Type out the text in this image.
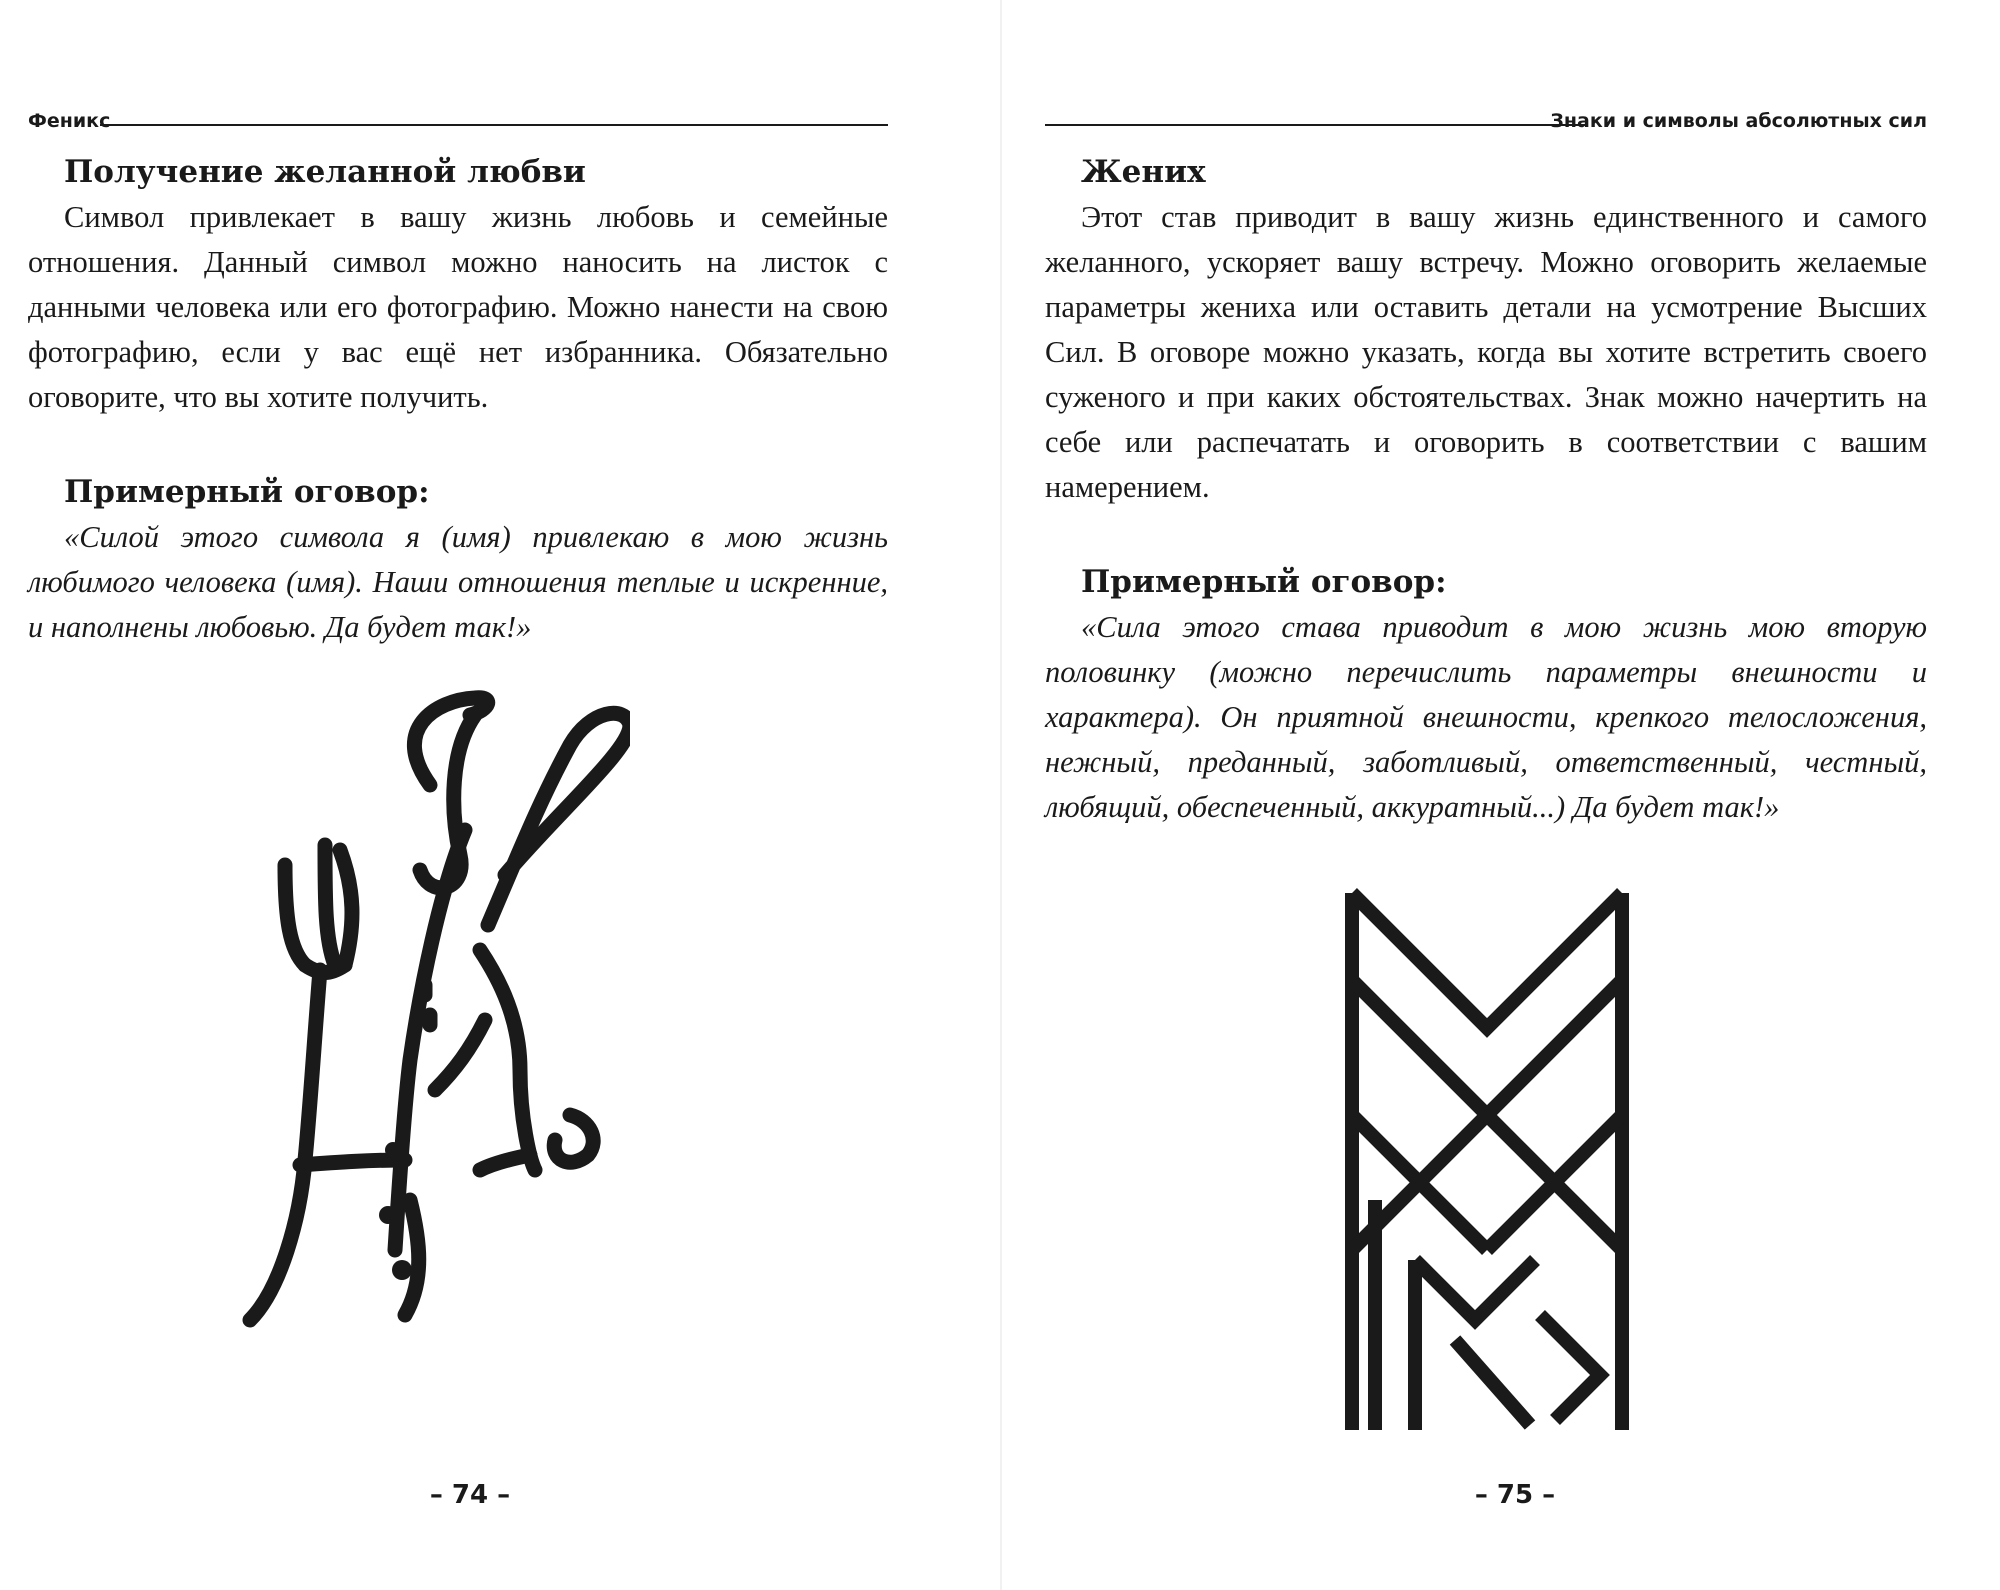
Феникс
Получение желанной любви

Символ привлекает в вашу жизнь любовь и семейные отношения. Данный символ можно наносить на листок с данными человека или его фотографию. Можно нанести на свою фотографию, если у вас ещё нет избранника. Обязательно оговорите, что вы хотите получить.

Примерный оговор:

«Силой этого символа я (имя) привлекаю в мою жизнь любимого человека (имя). Наши отношения теплые и искренние, и наполнены любовью. Да будет так!»

– 74 –
Знаки и символы абсолютных сил
Жених

Этот став приводит в вашу жизнь единственного и самого желанного, ускоряет вашу встречу. Можно оговорить желаемые параметры жениха или оставить детали на усмотрение Высших Сил. В оговоре можно указать, когда вы хотите встретить своего суженого и при каких обстоятельствах. Знак можно начертить на себе или распечатать и оговорить в соответствии с вашим намерением.

Примерный оговор:

«Сила этого става приводит в мою жизнь мою вторую половинку (можно перечислить параметры внешности и характера). Он приятной внешности, крепкого телосложения, нежный, преданный, заботливый, ответственный, честный, любящий, обеспеченный, аккуратный...) Да будет так!»

– 75 –
